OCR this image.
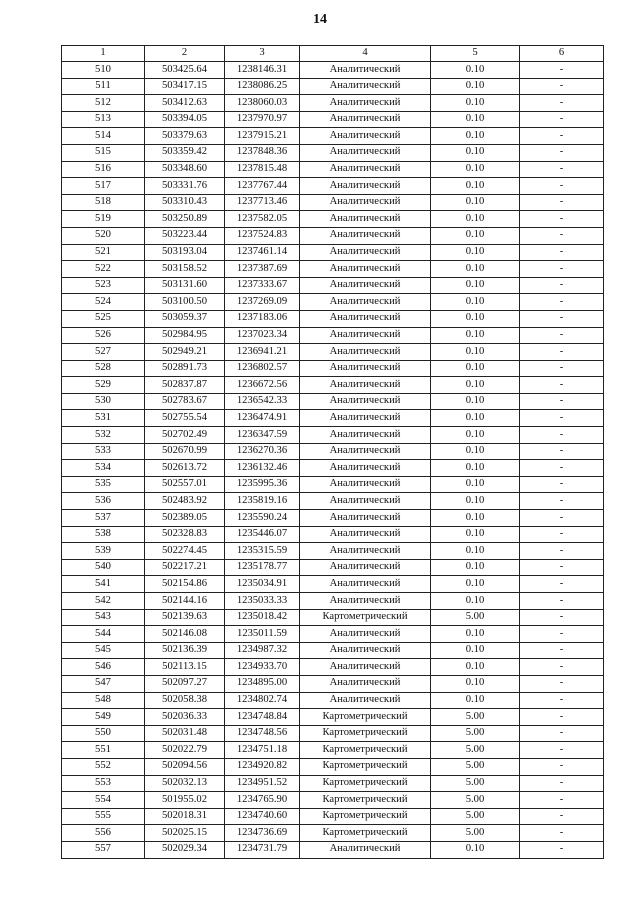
14
1	2	3	4	5	6
510	503425.64	1238146.31	Аналитический	0.10	-
511	503417.15	1238086.25	Аналитический	0.10	-
512	503412.63	1238060.03	Аналитический	0.10	-
513	503394.05	1237970.97	Аналитический	0.10	-
514	503379.63	1237915.21	Аналитический	0.10	-
515	503359.42	1237848.36	Аналитический	0.10	-
516	503348.60	1237815.48	Аналитический	0.10	-
517	503331.76	1237767.44	Аналитический	0.10	-
518	503310.43	1237713.46	Аналитический	0.10	-
519	503250.89	1237582.05	Аналитический	0.10	-
520	503223.44	1237524.83	Аналитический	0.10	-
521	503193.04	1237461.14	Аналитический	0.10	-
522	503158.52	1237387.69	Аналитический	0.10	-
523	503131.60	1237333.67	Аналитический	0.10	-
524	503100.50	1237269.09	Аналитический	0.10	-
525	503059.37	1237183.06	Аналитический	0.10	-
526	502984.95	1237023.34	Аналитический	0.10	-
527	502949.21	1236941.21	Аналитический	0.10	-
528	502891.73	1236802.57	Аналитический	0.10	-
529	502837.87	1236672.56	Аналитический	0.10	-
530	502783.67	1236542.33	Аналитический	0.10	-
531	502755.54	1236474.91	Аналитический	0.10	-
532	502702.49	1236347.59	Аналитический	0.10	-
533	502670.99	1236270.36	Аналитический	0.10	-
534	502613.72	1236132.46	Аналитический	0.10	-
535	502557.01	1235995.36	Аналитический	0.10	-
536	502483.92	1235819.16	Аналитический	0.10	-
537	502389.05	1235590.24	Аналитический	0.10	-
538	502328.83	1235446.07	Аналитический	0.10	-
539	502274.45	1235315.59	Аналитический	0.10	-
540	502217.21	1235178.77	Аналитический	0.10	-
541	502154.86	1235034.91	Аналитический	0.10	-
542	502144.16	1235033.33	Аналитический	0.10	-
543	502139.63	1235018.42	Картометрический	5.00	-
544	502146.08	1235011.59	Аналитический	0.10	-
545	502136.39	1234987.32	Аналитический	0.10	-
546	502113.15	1234933.70	Аналитический	0.10	-
547	502097.27	1234895.00	Аналитический	0.10	-
548	502058.38	1234802.74	Аналитический	0.10	-
549	502036.33	1234748.84	Картометрический	5.00	-
550	502031.48	1234748.56	Картометрический	5.00	-
551	502022.79	1234751.18	Картометрический	5.00	-
552	502094.56	1234920.82	Картометрический	5.00	-
553	502032.13	1234951.52	Картометрический	5.00	-
554	501955.02	1234765.90	Картометрический	5.00	-
555	502018.31	1234740.60	Картометрический	5.00	-
556	502025.15	1234736.69	Картометрический	5.00	-
557	502029.34	1234731.79	Аналитический	0.10	-
